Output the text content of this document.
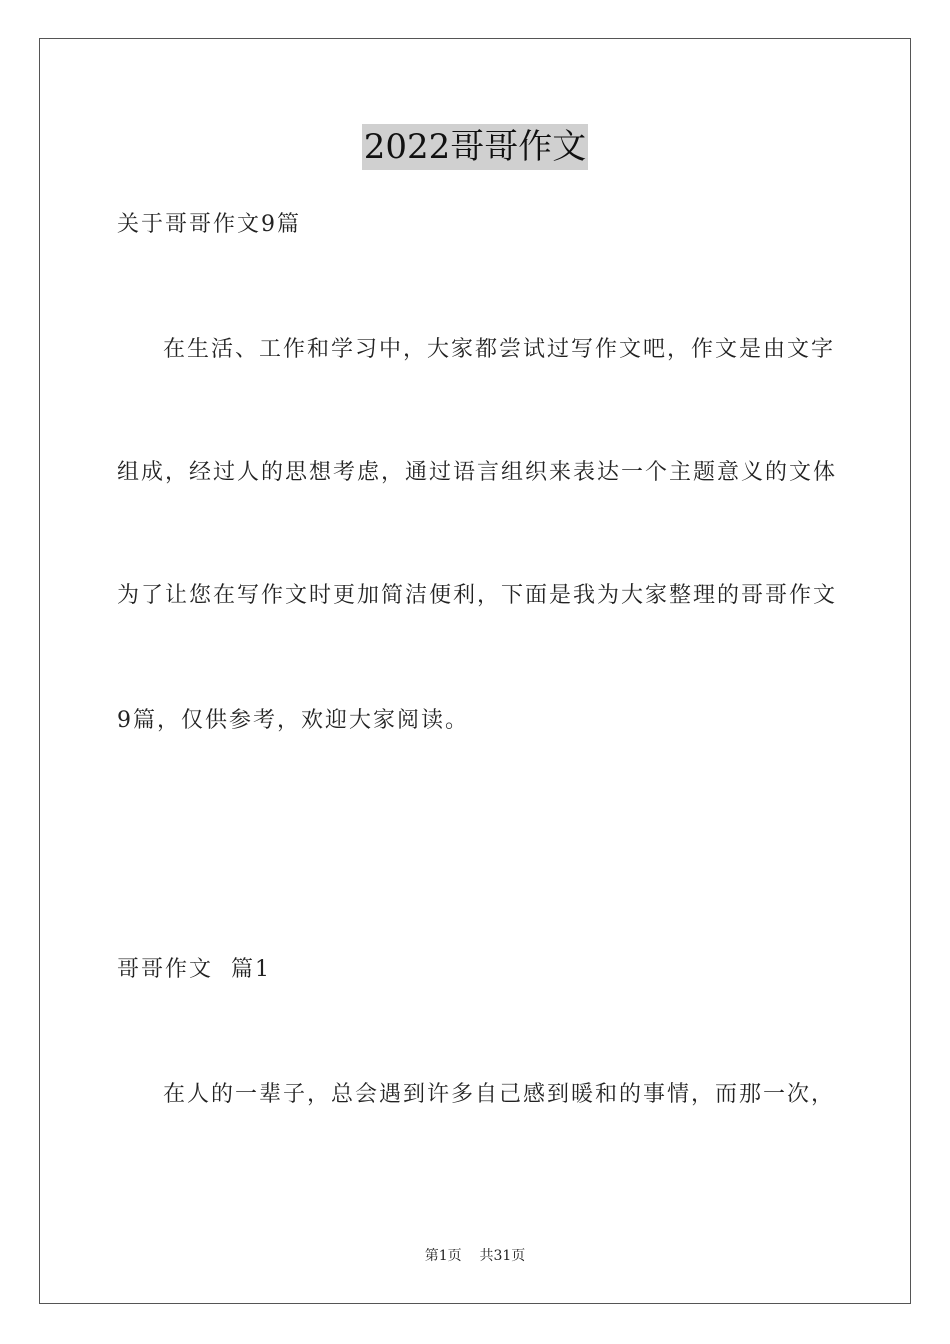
2022哥哥作文
关于哥哥作文9篇
在生活、工作和学习中，大家都尝试过写作文吧，作文是由文字
组成，经过人的思想考虑，通过语言组织来表达一个主题意义的文体
为了让您在写作文时更加简洁便利，下面是我为大家整理的哥哥作文
9篇，仅供参考，欢迎大家阅读。
哥哥作文  篇1
在人的一辈子，总会遇到许多自己感到暖和的事情，而那一次，
第1页    共31页
